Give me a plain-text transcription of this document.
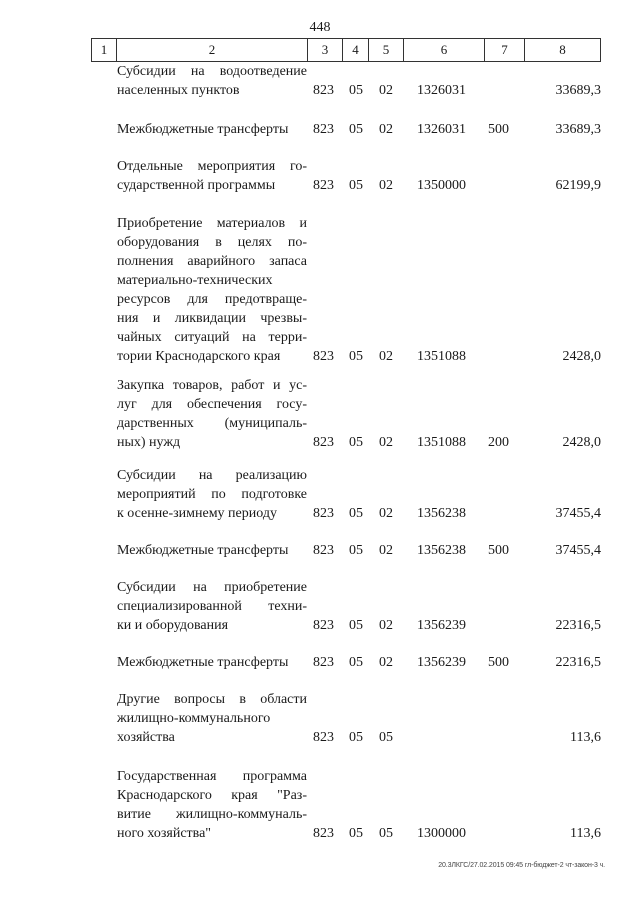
448
1	2	3	4	5	6	7	8
Субсидии на водоотведение
населенных пунктов	823 05 02 1326031	33689,3
Межбюджетные трансферты	823 05 02 1326031 500	33689,3
Отдельные мероприятия го-
сударственной программы	823 05 02 1350000	62199,9
Приобретение материалов и
оборудования в целях по-
полнения аварийного запаса
материально-технических
ресурсов для предотвраще-
ния и ликвидации чрезвы-
чайных ситуаций на терри-
тории Краснодарского края	823 05 02 1351088	2428,0
Закупка товаров, работ и ус-
луг для обеспечения госу-
дарственных (муниципаль-
ных) нужд	823 05 02 1351088 200	2428,0
Субсидии на реализацию
мероприятий по подготовке
к осенне-зимнему периоду	823 05 02 1356238	37455,4
Межбюджетные трансферты	823 05 02 1356238 500	37455,4
Субсидии на приобретение
специализированной техни-
ки и оборудования	823 05 02 1356239	22316,5
Межбюджетные трансферты	823 05 02 1356239 500	22316,5
Другие вопросы в области
жилищно-коммунального
хозяйства	823 05 05	113,6
Государственная программа
Краснодарского края "Раз-
витие жилищно-коммуналь-
ного хозяйства"	823 05 05 1300000	113,6
20.3ЛКГС/27.02.2015 09:45 гл-бюджет-2 чт-закон-3 ч.
